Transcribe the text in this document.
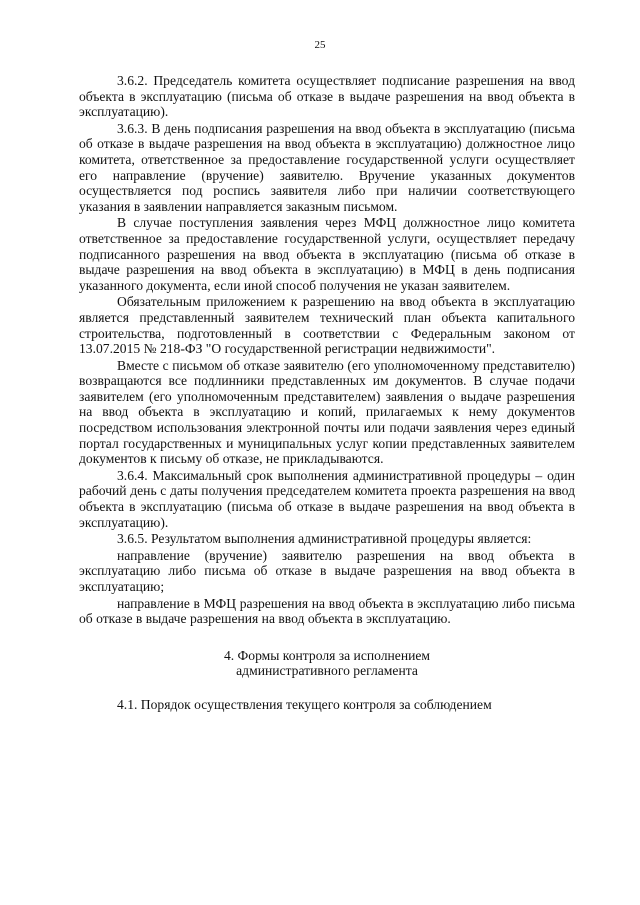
25

3.6.2. Председатель комитета осуществляет подписание разрешения на ввод объекта в эксплуатацию (письма об отказе в выдаче разрешения на ввод объекта в эксплуатацию).

3.6.3. В день подписания разрешения на ввод объекта в эксплуатацию (письма об отказе в выдаче разрешения на ввод объекта в эксплуатацию) должностное лицо комитета, ответственное за предоставление государственной услуги осуществляет его направление (вручение) заявителю. Вручение указанных документов осуществляется под роспись заявителя либо при наличии соответствующего указания в заявлении направляется заказным письмом.

В случае поступления заявления через МФЦ должностное лицо комитета ответственное за предоставление государственной услуги, осуществляет передачу подписанного разрешения на ввод объекта в эксплуатацию (письма об отказе в выдаче разрешения на ввод объекта в эксплуатацию) в МФЦ в день подписания указанного документа, если иной способ получения не указан заявителем.

Обязательным приложением к разрешению на ввод объекта в эксплуатацию является представленный заявителем технический план объекта капитального строительства, подготовленный в соответствии с Федеральным законом от 13.07.2015 № 218-ФЗ "О государственной регистрации недвижимости".

Вместе с письмом об отказе заявителю (его уполномоченному представителю) возвращаются все подлинники представленных им документов. В случае подачи заявителем (его уполномоченным представителем) заявления о выдаче разрешения на ввод объекта в эксплуатацию и копий, прилагаемых к нему документов посредством использования электронной почты или подачи заявления через единый портал государственных и муниципальных услуг копии представленных заявителем документов к письму об отказе, не прикладываются.

3.6.4. Максимальный срок выполнения административной процедуры – один рабочий день с даты получения председателем комитета проекта разрешения на ввод объекта в эксплуатацию (письма об отказе в выдаче разрешения на ввод объекта в эксплуатацию).

3.6.5. Результатом выполнения административной процедуры является:

направление (вручение) заявителю разрешения на ввод объекта в эксплуатацию либо письма об отказе в выдаче разрешения на ввод объекта в эксплуатацию;

направление в МФЦ разрешения на ввод объекта в эксплуатацию либо письма об отказе в выдаче разрешения на ввод объекта в эксплуатацию.

4. Формы контроля за исполнением
административного регламента

4.1. Порядок осуществления текущего контроля за соблюдением
